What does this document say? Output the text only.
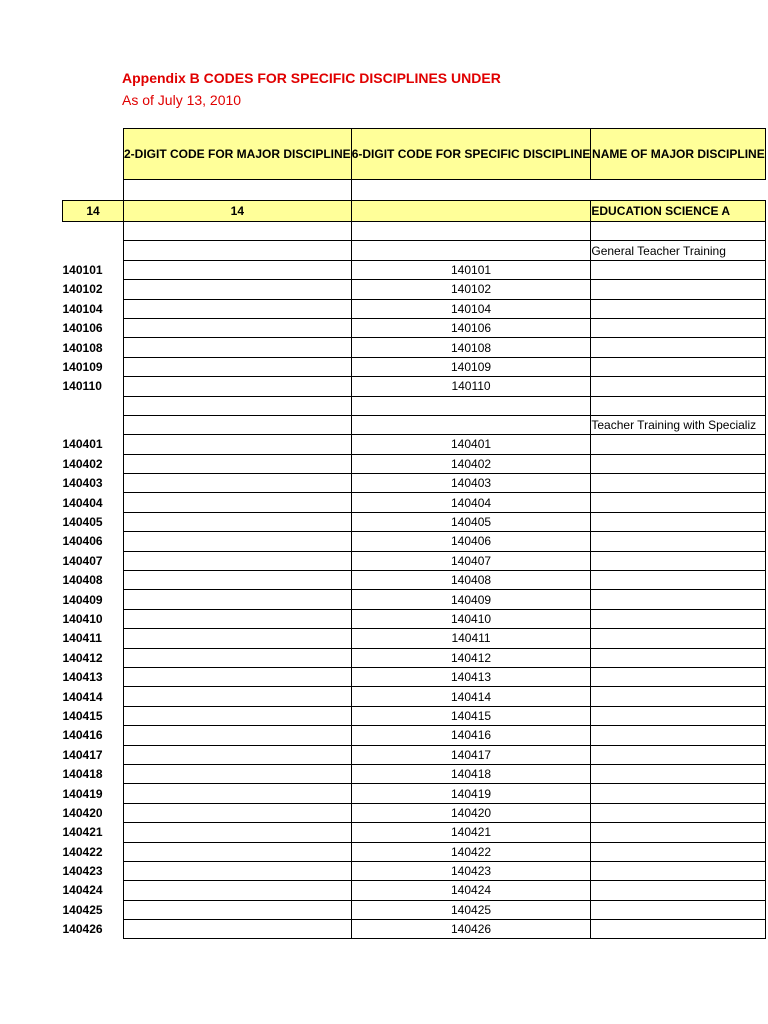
Appendix B CODES FOR SPECIFIC DISCIPLINES UNDER
As of July 13, 2010
	2-DIGIT CODE FOR MAJOR DISCIPLINE	6-DIGIT CODE FOR SPECIFIC DISCIPLINE	NAME OF MAJOR DISCIPLINE

14	14		EDUCATION SCIENCE A

			General Teacher Training
140101		140101	
140102		140102	
140104		140104	
140106		140106	
140108		140108	
140109		140109	
140110		140110	

			Teacher Training with Specializ
140401		140401	
140402		140402	
140403		140403	
140404		140404	
140405		140405	
140406		140406	
140407		140407	
140408		140408	
140409		140409	
140410		140410	
140411		140411	
140412		140412	
140413		140413	
140414		140414	
140415		140415	
140416		140416	
140417		140417	
140418		140418	
140419		140419	
140420		140420	
140421		140421	
140422		140422	
140423		140423	
140424		140424	
140425		140425	
140426		140426	
